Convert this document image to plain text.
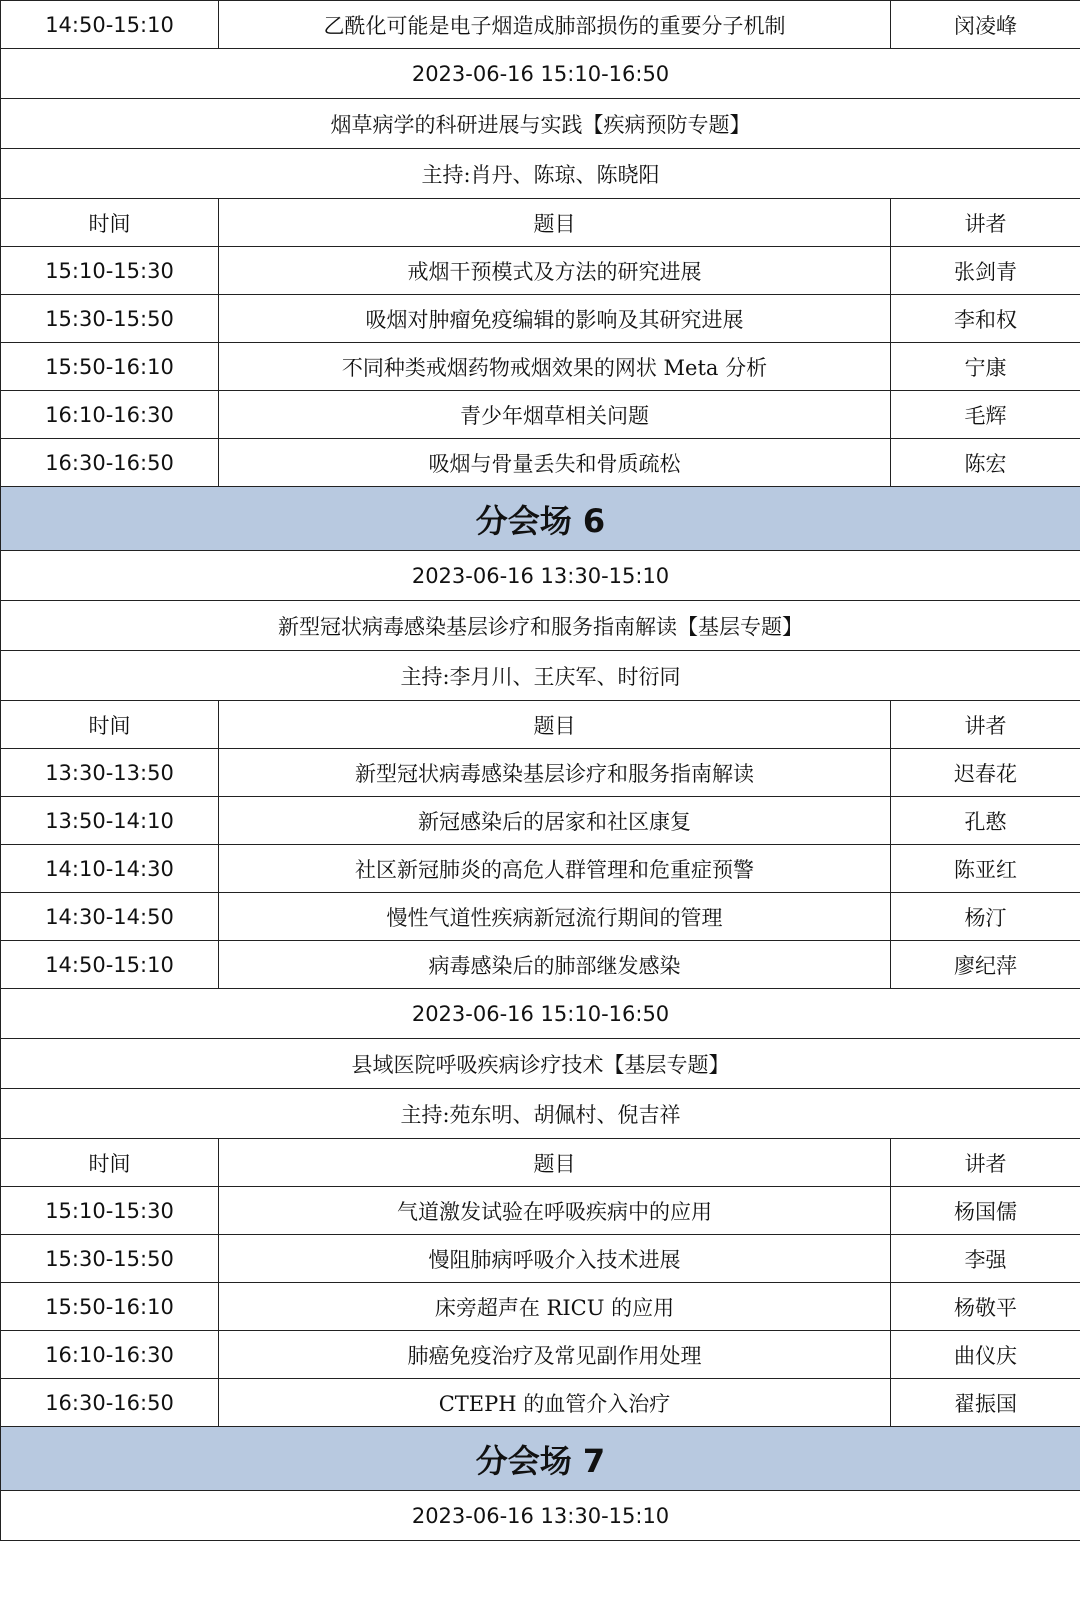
14:50-15:10	乙酰化可能是电子烟造成肺部损伤的重要分子机制	闵凌峰
2023-06-16 15:10-16:50		
烟草病学的科研进展与实践【疾病预防专题】		
主持:肖丹、陈琼、陈晓阳		
时间	题目	讲者
15:10-15:30	戒烟干预模式及方法的研究进展	张剑青
15:30-15:50	吸烟对肿瘤免疫编辑的影响及其研究进展	李和权
15:50-16:10	不同种类戒烟药物戒烟效果的网状 Meta 分析	宁康
16:10-16:30	青少年烟草相关问题	毛辉
16:30-16:50	吸烟与骨量丢失和骨质疏松	陈宏
分会场 6		
2023-06-16 13:30-15:10		
新型冠状病毒感染基层诊疗和服务指南解读【基层专题】		
主持:李月川、王庆军、时衍同		
时间	题目	讲者
13:30-13:50	新型冠状病毒感染基层诊疗和服务指南解读	迟春花
13:50-14:10	新冠感染后的居家和社区康复	孔憨
14:10-14:30	社区新冠肺炎的高危人群管理和危重症预警	陈亚红
14:30-14:50	慢性气道性疾病新冠流行期间的管理	杨汀
14:50-15:10	病毒感染后的肺部继发感染	廖纪萍
2023-06-16 15:10-16:50		
县域医院呼吸疾病诊疗技术【基层专题】		
主持:苑东明、胡佩村、倪吉祥		
时间	题目	讲者
15:10-15:30	气道激发试验在呼吸疾病中的应用	杨国儒
15:30-15:50	慢阻肺病呼吸介入技术进展	李强
15:50-16:10	床旁超声在 RICU 的应用	杨敬平
16:10-16:30	肺癌免疫治疗及常见副作用处理	曲仪庆
16:30-16:50	CTEPH 的血管介入治疗	翟振国
分会场 7		
2023-06-16 13:30-15:10		
